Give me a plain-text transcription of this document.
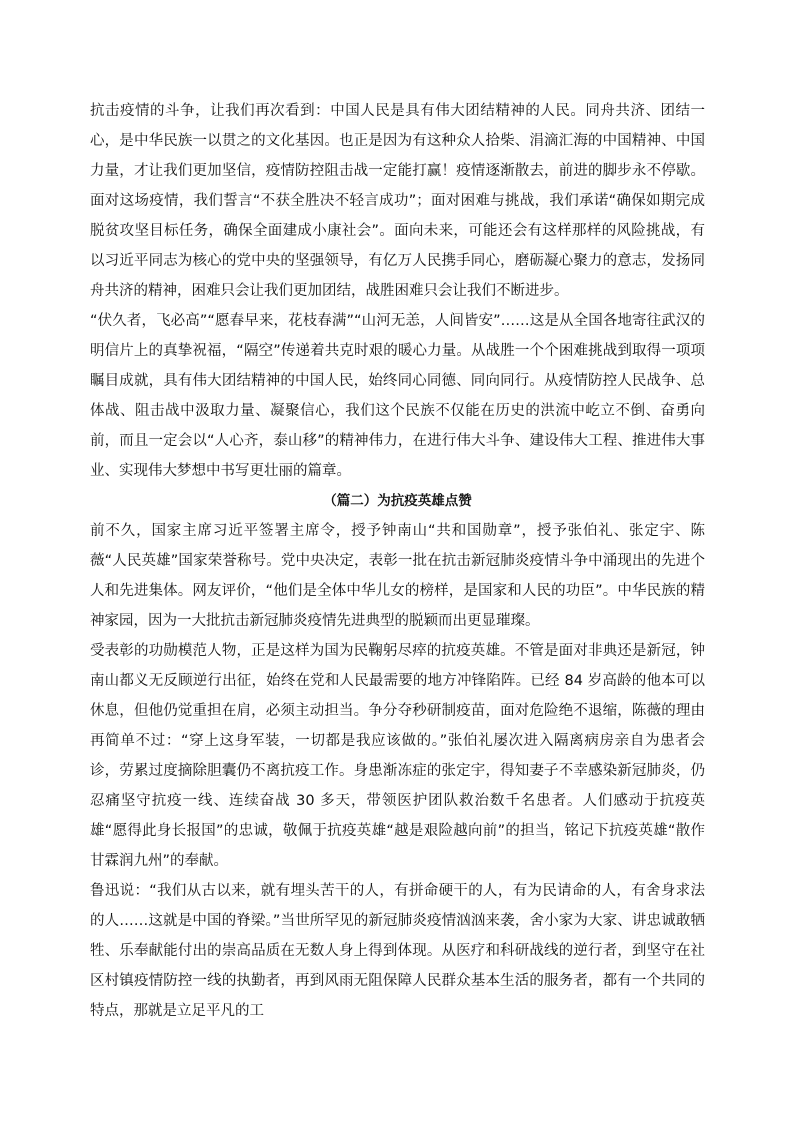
抗击疫情的斗争，让我们再次看到：中国人民是具有伟大团结精神的人民。同舟共济、团结一心，是中华民族一以贯之的文化基因。也正是因为有这种众人拾柴、涓滴汇海的中国精神、中国力量，才让我们更加坚信，疫情防控阻击战一定能打赢！疫情逐渐散去，前进的脚步永不停歇。面对这场疫情，我们誓言“不获全胜决不轻言成功”；面对困难与挑战，我们承诺“确保如期完成脱贫攻坚目标任务，确保全面建成小康社会”。面向未来，可能还会有这样那样的风险挑战，有以习近平同志为核心的党中央的坚强领导，有亿万人民携手同心，磨砺凝心聚力的意志，发扬同舟共济的精神，困难只会让我们更加团结，战胜困难只会让我们不断进步。

“伏久者，飞必高”“愿春早来，花枝春满”“山河无恙，人间皆安”……这是从全国各地寄往武汉的明信片上的真挚祝福，“隔空”传递着共克时艰的暖心力量。从战胜一个个困难挑战到取得一项项瞩目成就，具有伟大团结精神的中国人民，始终同心同德、同向同行。从疫情防控人民战争、总体战、阻击战中汲取力量、凝聚信心，我们这个民族不仅能在历史的洪流中屹立不倒、奋勇向前，而且一定会以“人心齐，泰山移”的精神伟力，在进行伟大斗争、建设伟大工程、推进伟大事业、实现伟大梦想中书写更壮丽的篇章。

（篇二）为抗疫英雄点赞

前不久，国家主席习近平签署主席令，授予钟南山“共和国勋章”，授予张伯礼、张定宇、陈薇“人民英雄”国家荣誉称号。党中央决定，表彰一批在抗击新冠肺炎疫情斗争中涌现出的先进个人和先进集体。网友评价，“他们是全体中华儿女的榜样，是国家和人民的功臣”。中华民族的精神家园，因为一大批抗击新冠肺炎疫情先进典型的脱颖而出更显璀璨。

受表彰的功勋模范人物，正是这样为国为民鞠躬尽瘁的抗疫英雄。不管是面对非典还是新冠，钟南山都义无反顾逆行出征，始终在党和人民最需要的地方冲锋陷阵。已经 84 岁高龄的他本可以休息，但他仍觉重担在肩，必须主动担当。争分夺秒研制疫苗，面对危险绝不退缩，陈薇的理由再简单不过：“穿上这身军装，一切都是我应该做的。”张伯礼屡次进入隔离病房亲自为患者会诊，劳累过度摘除胆囊仍不离抗疫工作。身患渐冻症的张定宇，得知妻子不幸感染新冠肺炎，仍忍痛坚守抗疫一线、连续奋战 30 多天，带领医护团队救治数千名患者。人们感动于抗疫英雄“愿得此身长报国”的忠诚，敬佩于抗疫英雄“越是艰险越向前”的担当，铭记下抗疫英雄“散作甘霖润九州”的奉献。

鲁迅说：“我们从古以来，就有埋头苦干的人，有拼命硬干的人，有为民请命的人，有舍身求法的人……这就是中国的脊梁。”当世所罕见的新冠肺炎疫情汹汹来袭，舍小家为大家、讲忠诚敢牺牲、乐奉献能付出的崇高品质在无数人身上得到体现。从医疗和科研战线的逆行者，到坚守在社区村镇疫情防控一线的执勤者，再到风雨无阻保障人民群众基本生活的服务者，都有一个共同的特点，那就是立足平凡的工
